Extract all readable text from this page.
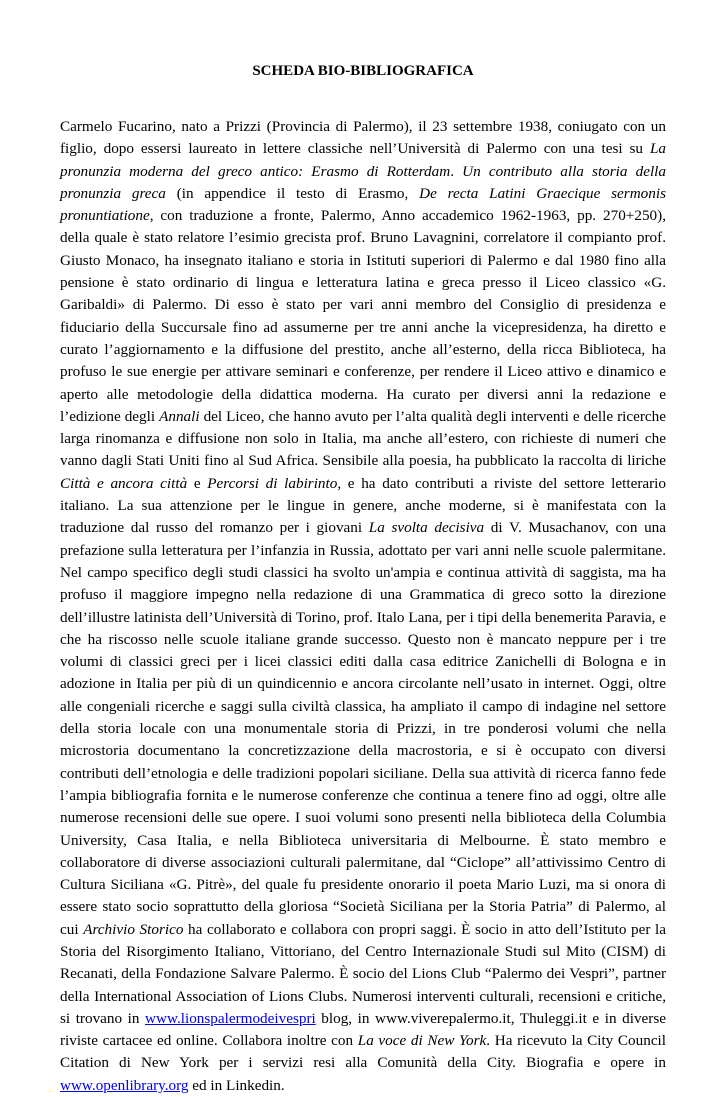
SCHEDA BIO-BIBLIOGRAFICA

Carmelo Fucarino, nato a Prizzi (Provincia di Palermo), il 23 settembre 1938, coniugato con un figlio, dopo essersi laureato in lettere classiche nell’Università di Palermo con una tesi su La pronunzia moderna del greco antico: Erasmo di Rotterdam. Un contributo alla storia della pronunzia greca (in appendice il testo di Erasmo, De recta Latini Graecique sermonis pronuntiatione, con traduzione a fronte, Palermo, Anno accademico 1962-1963, pp. 270+250), della quale è stato relatore l’esimio grecista prof. Bruno Lavagnini, correlatore il compianto prof. Giusto Monaco, ha insegnato italiano e storia in Istituti superiori di Palermo e dal 1980 fino alla pensione è stato ordinario di lingua e letteratura latina e greca presso il Liceo classico «G. Garibaldi» di Palermo. Di esso è stato per vari anni membro del Consiglio di presidenza e fiduciario della Succursale fino ad assumerne per tre anni anche la vicepresidenza, ha diretto e curato l’aggiornamento e la diffusione del prestito, anche all’esterno, della ricca Biblioteca, ha profuso le sue energie per attivare seminari e conferenze, per rendere il Liceo attivo e dinamico e aperto alle metodologie della didattica moderna. Ha curato per diversi anni la redazione e l’edizione degli Annali del Liceo, che hanno avuto per l’alta qualità degli interventi e delle ricerche larga rinomanza e diffusione non solo in Italia, ma anche all’estero, con richieste di numeri che vanno dagli Stati Uniti fino al Sud Africa. Sensibile alla poesia, ha pubblicato la raccolta di liriche Città e ancora città e Percorsi di labirinto, e ha dato contributi a riviste del settore letterario italiano. La sua attenzione per le lingue in genere, anche moderne, si è manifestata con la traduzione dal russo del romanzo per i giovani La svolta decisiva di V. Musachanov, con una prefazione sulla letteratura per l’infanzia in Russia, adottato per vari anni nelle scuole palermitane. Nel campo specifico degli studi classici ha svolto un'ampia e continua attività di saggista, ma ha profuso il maggiore impegno nella redazione di una Grammatica di greco sotto la direzione dell’illustre latinista dell’Università di Torino, prof. Italo Lana, per i tipi della benemerita Paravia, e che ha riscosso nelle scuole italiane grande successo. Questo non è mancato neppure per i tre volumi di classici greci per i licei classici editi dalla casa editrice Zanichelli di Bologna e in adozione in Italia per più di un quindicennio e ancora circolante nell’usato in internet. Oggi, oltre alle congeniali ricerche e saggi sulla civiltà classica, ha ampliato il campo di indagine nel settore della storia locale con una monumentale storia di Prizzi, in tre ponderosi volumi che nella microstoria documentano la concretizzazione della macrostoria, e si è occupato con diversi contributi dell’etnologia e delle tradizioni popolari siciliane. Della sua attività di ricerca fanno fede l’ampia bibliografia fornita e le numerose conferenze che continua a tenere fino ad oggi, oltre alle numerose recensioni delle sue opere. I suoi volumi sono presenti nella biblioteca della Columbia University, Casa Italia, e nella Biblioteca universitaria di Melbourne. È stato membro e collaboratore di diverse associazioni culturali palermitane, dal “Ciclope” all’attivissimo Centro di Cultura Siciliana «G. Pitrè», del quale fu presidente onorario il poeta Mario Luzi, ma si onora di essere stato socio soprattutto della gloriosa “Società Siciliana per la Storia Patria” di Palermo, al cui Archivio Storico ha collaborato e collabora con propri saggi. È socio in atto dell’Istituto per la Storia del Risorgimento Italiano, Vittoriano, del Centro Internazionale Studi sul Mito (CISM) di Recanati, della Fondazione Salvare Palermo. È socio del Lions Club “Palermo dei Vespri”, partner della International Association of Lions Clubs. Numerosi interventi culturali, recensioni e critiche, si trovano in www.lionspalermodeivespri blog, in www.viverepalermo.it, Thuleggi.it e in diverse riviste cartacee ed online. Collabora inoltre con La voce di New York. Ha ricevuto la City Council Citation di New York per i servizi resi alla Comunità della City. Biografia e opere in www.openlibrary.org ed in Linkedin.
